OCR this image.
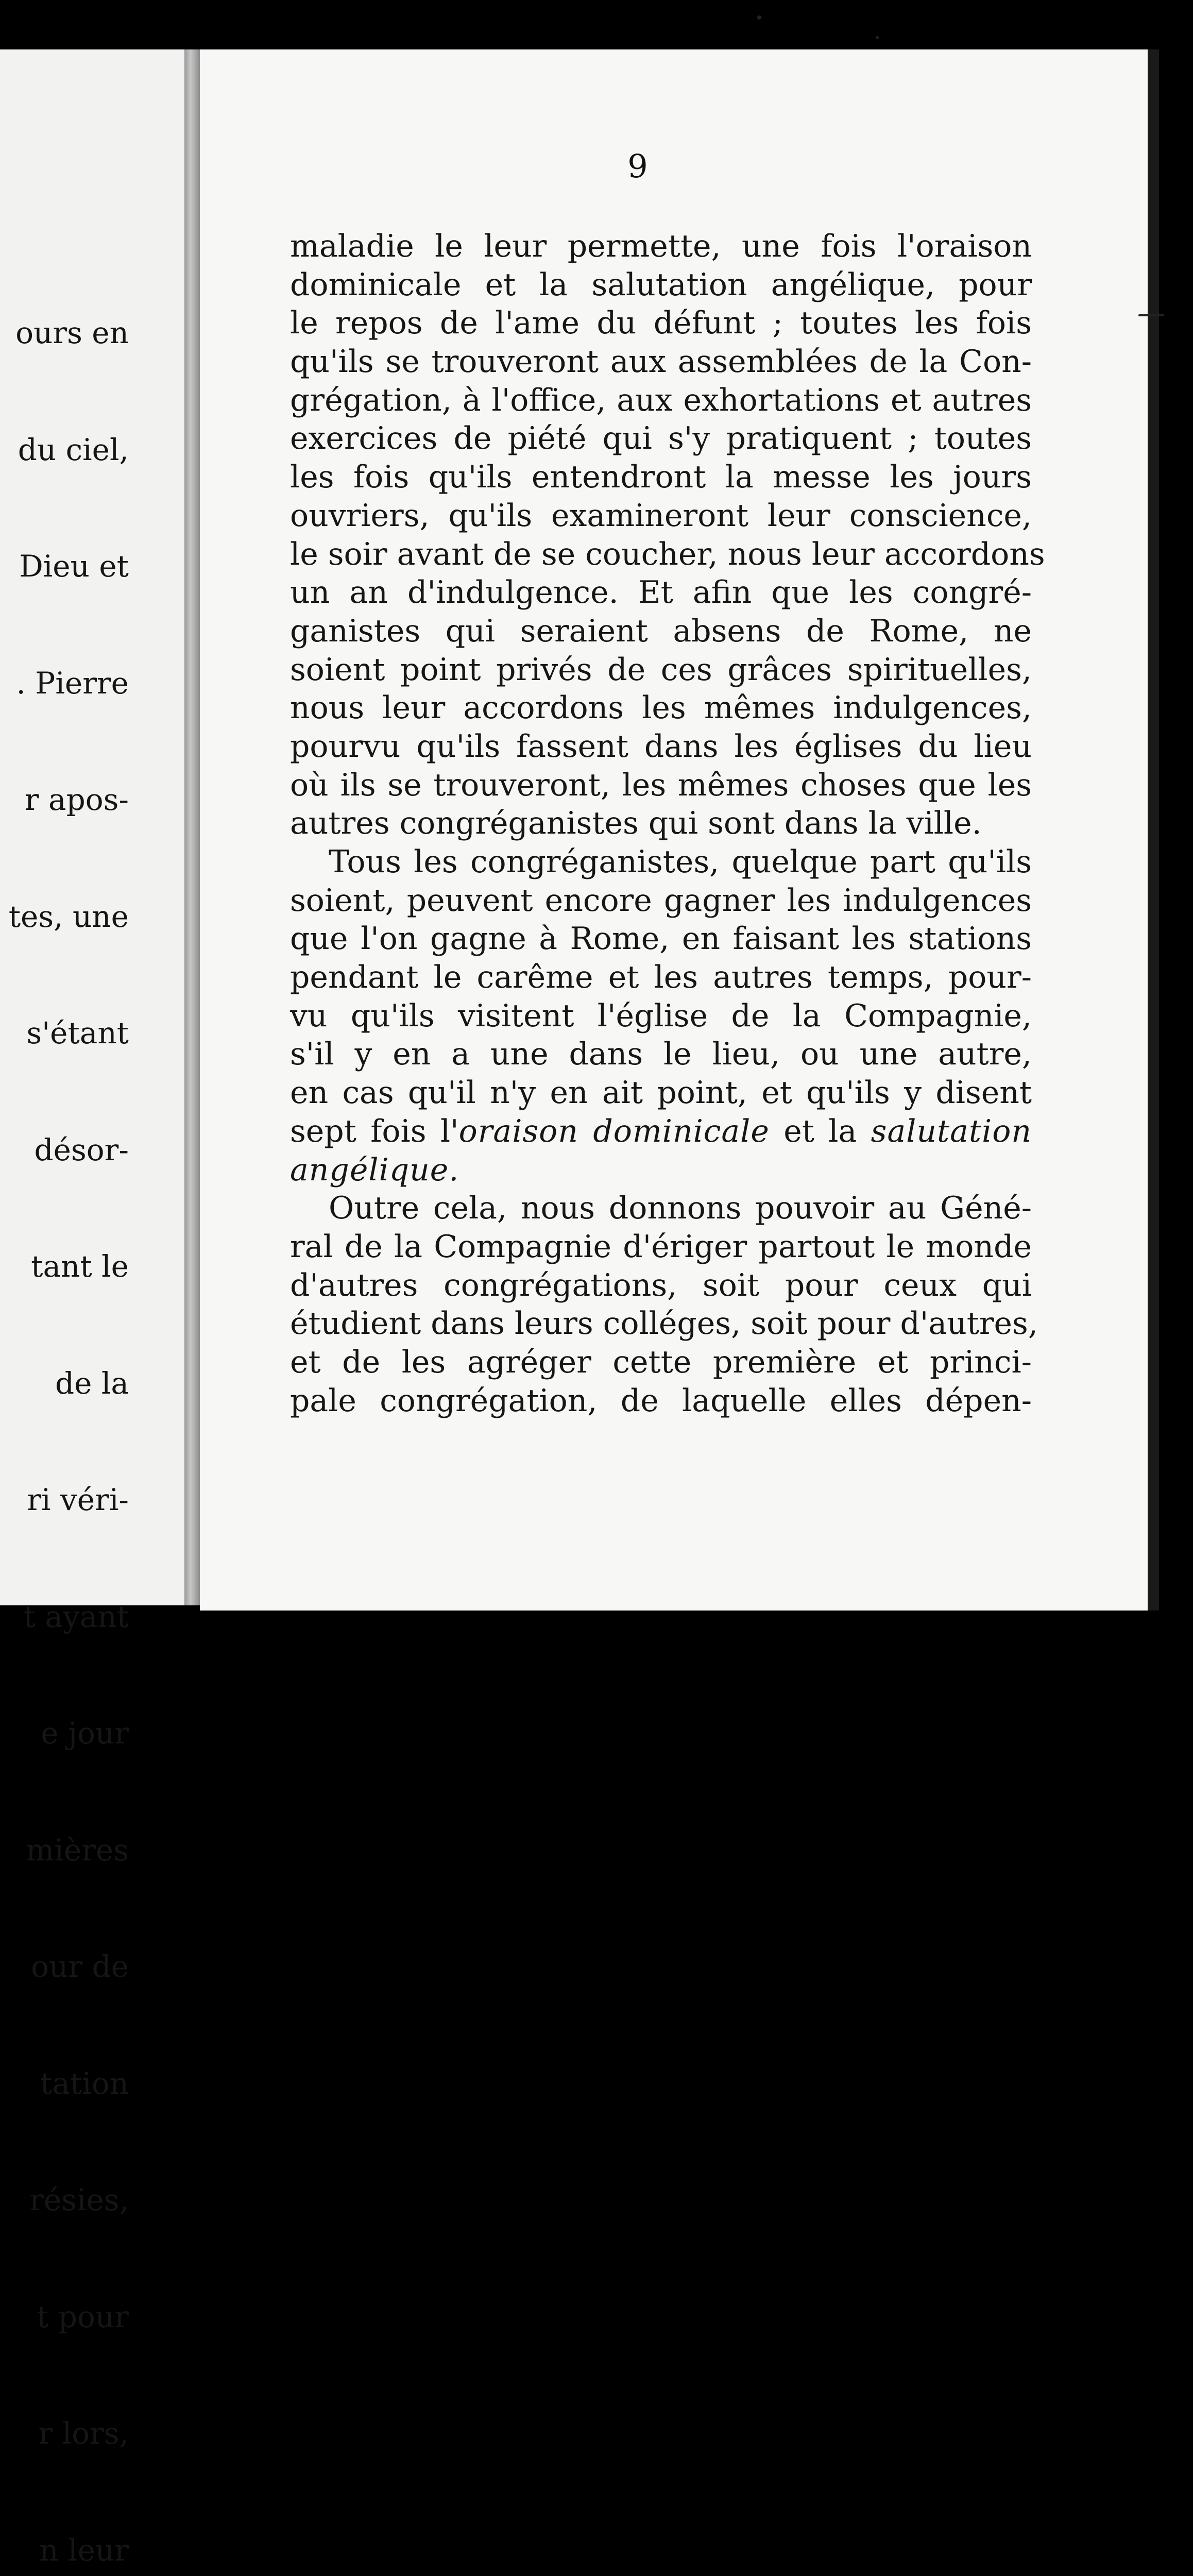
ours en

du ciel,

Dieu et

. Pierre

r apos-

tes, une

s'étant

désor-

tant le

de la

ri véri-

t ayant

e jour

mières

our de

tation

résies,

t pour

r lors,

n leur

9
maladie le leur permette, une fois l'oraison
dominicale et la salutation angélique, pour
le repos de l'ame du défunt ; toutes les fois
qu'ils se trouveront aux assemblées de la Con-
grégation, à l'office, aux exhortations et autres
exercices de piété qui s'y pratiquent ; toutes
les fois qu'ils entendront la messe les jours
ouvriers, qu'ils examineront leur conscience,
le soir avant de se coucher, nous leur accordons
un an d'indulgence. Et afin que les congré-
ganistes qui seraient absens de Rome, ne
soient point privés de ces grâces spirituelles,
nous leur accordons les mêmes indulgences,
pourvu qu'ils fassent dans les églises du lieu
où ils se trouveront, les mêmes choses que les
autres congréganistes qui sont dans la ville.
Tous les congréganistes, quelque part qu'ils
soient, peuvent encore gagner les indulgences
que l'on gagne à Rome, en faisant les stations
pendant le carême et les autres temps, pour-
vu qu'ils visitent l'église de la Compagnie,
s'il y en a une dans le lieu, ou une autre,
en cas qu'il n'y en ait point, et qu'ils y disent
sept fois l'oraison dominicale et la salutation
angélique.
Outre cela, nous donnons pouvoir au Géné-
ral de la Compagnie d'ériger partout le monde
d'autres congrégations, soit pour ceux qui
étudient dans leurs colléges, soit pour d'autres,
et de les agréger cette première et princi-
pale congrégation, de laquelle elles dépen-
